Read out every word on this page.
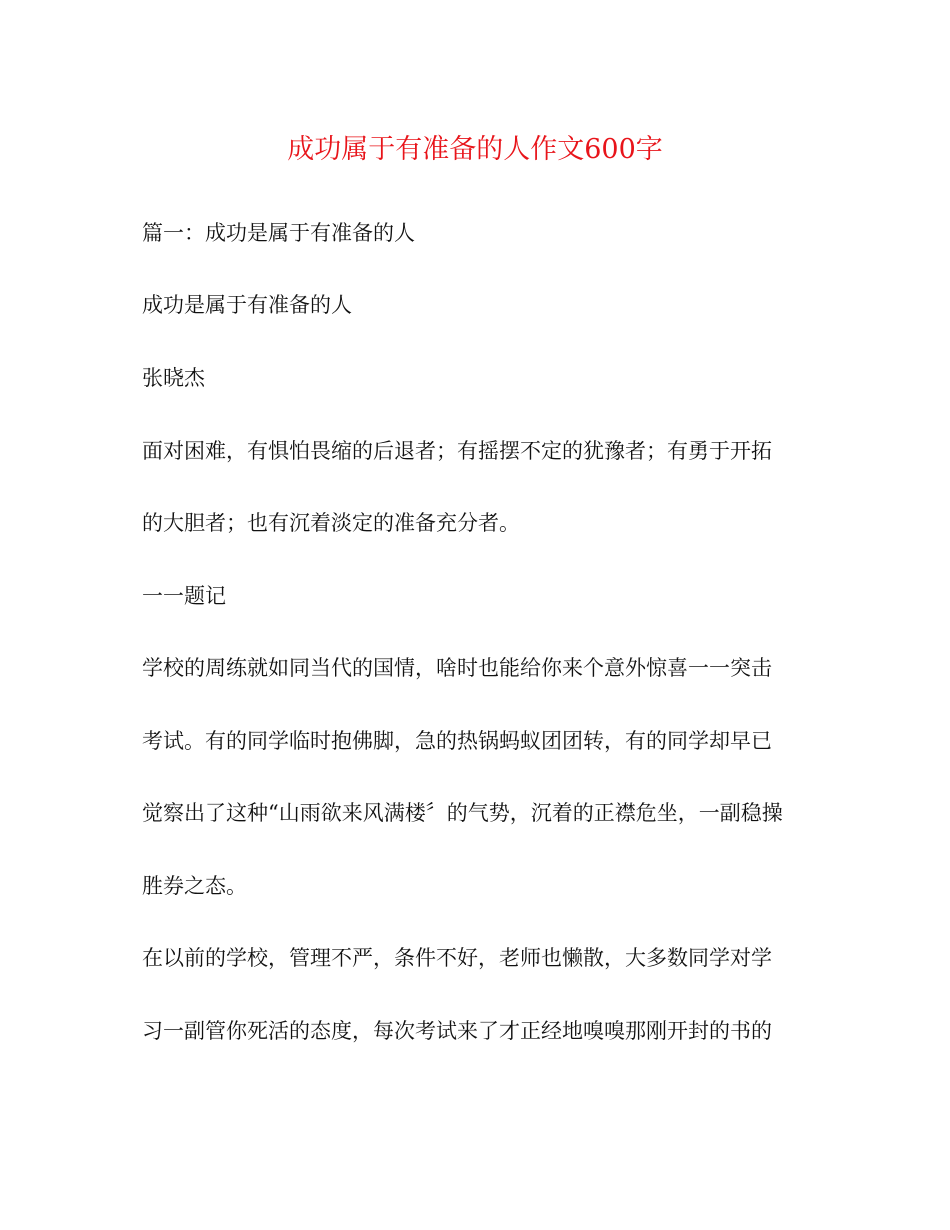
成功属于有准备的人作文600字
篇一：成功是属于有准备的人
成功是属于有准备的人
张晓杰
面对困难，有惧怕畏缩的后退者；有摇摆不定的犹豫者；有勇于开拓
的大胆者；也有沉着淡定的准备充分者。
一一题记
学校的周练就如同当代的国情，啥时也能给你来个意外惊喜一一突击
考试。有的同学临时抱佛脚，急的热锅蚂蚁团团转，有的同学却早已
觉察出了这种“山雨欲来风满楼〞的气势，沉着的正襟危坐，一副稳操
胜券之态。
在以前的学校，管理不严，条件不好，老师也懒散，大多数同学对学
习一副管你死活的态度，每次考试来了才正经地嗅嗅那刚开封的书的
